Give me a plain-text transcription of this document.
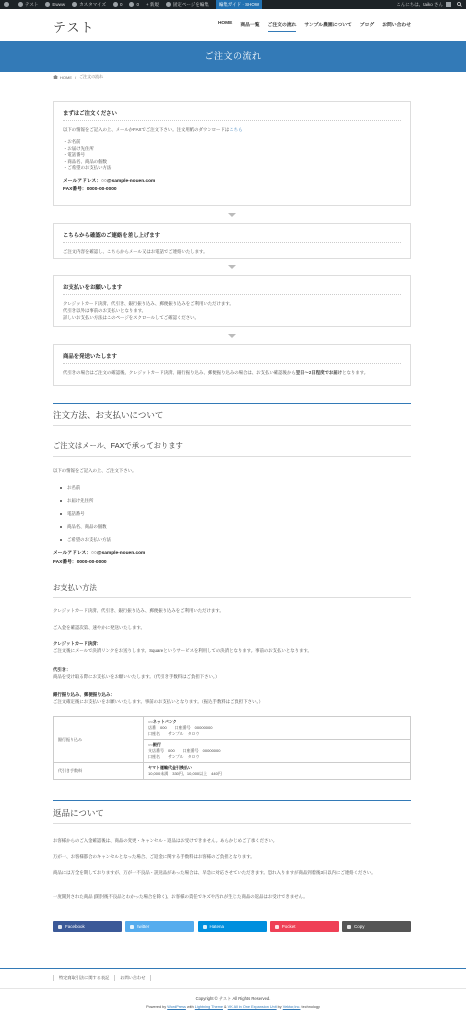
テスト	Ewww	カスタマイズ	0	0 + 新規	固定ページを編集 編集ガイド · SHOW	こんにちは、taiko さん
テスト	HOME 商品一覧 ご注文の流れ サンプル農園について ブログ お問い合わせ
ご注文の流れ
HOME / ご注文の流れ
まずはご注文ください
以下の情報をご記入の上、メールかFAXでご注文下さい。注文用紙のダウンロードはこちら
・お名前
・お届け先住所
・電話番号
・商品名、商品の個数
・ご希望のお支払い方法
メールアドレス：○○@sample-nouen.com
FAX番号：0000-00-0000
こちらから確認のご連絡を差し上げます
ご注文内容を確認し、こちらからメール又はお電話でご連絡いたします。
お支払いをお願いします
クレジットカード決済、代引き、銀行振り込み、郵便振り込みをご利用いただけます。
代引き以外は事前のお支払いとなります。
詳しいお支払い方法はこのページをスクロールしてご確認ください。
商品を発送いたします
代引きの場合はご注文の確認後、クレジットカード決済、銀行振り込み、郵便振り込みの場合は、お支払い確認後から翌日～2日程度でお届けとなります。
注文方法、お支払いについて
ご注文はメール、FAXで承っております
以下の情報をご記入の上、ご注文下さい。
お名前
お届け先住所
電話番号
商品名、商品の個数
ご希望のお支払い方法
メールアドレス：○○@sample-nouen.com
FAX番号：0000-00-0000
お支払い方法
クレジットカード決済、代引き、銀行振り込み、郵便振り込みをご利用いただけます。
ご入金を確認次第、速やかに発送いたします。
クレジットカード決済：
ご注文後にメールで決済リンクをお送りします。Squareというサービスを利用しての決済となります。事前のお支払いとなります。
代引き：
商品を受け取る際にお支払いをお願いいたします。（代引き手数料はご負担下さい。）
銀行振り込み、郵便振り込み：
ご注文確定後にお支払いをお願いいたします。事前のお支払いとなります。（振込手数料はご負担下さい。）
銀行振り込み	○○ネットバンク
店番　000　　口座番号　00000000
口座名　　サンプル　タロウ
	○○銀行
支店番号　000　　口座番号　00000000
口座名　　サンプル　タロウ
代引き手数料	ヤマト運輸代金引換払い
10,000未満　330円、10,000以上　440円
返品について
お客様からのご入金確認後は、商品の変更・キャンセル・返品はお受けできません。あらかじめご了承ください。
万が一、お客様都合のキャンセルとなった場合、ご返金に関する手数料はお客様のご負担となります。
商品には万全を期しておりますが、万が一不良品・誤送品があった場合は、早急に対応させていただきます。恐れ入りますが商品到着後3日以内にご連絡ください。
一度開封された商品 (開封後不良品とわかった場合を除く)、お客様の責任でキズや汚れが生じた商品の返品はお受けできません。
Facebook	twitter	Hatena	Pocket	Copy
特定商取引法に関する表記	お問い合わせ
Copyright © テスト All Rights Reserved.
Powered by WordPress with Lightning Theme & VK All in One Expansion Unit by Vektor,Inc. technology
